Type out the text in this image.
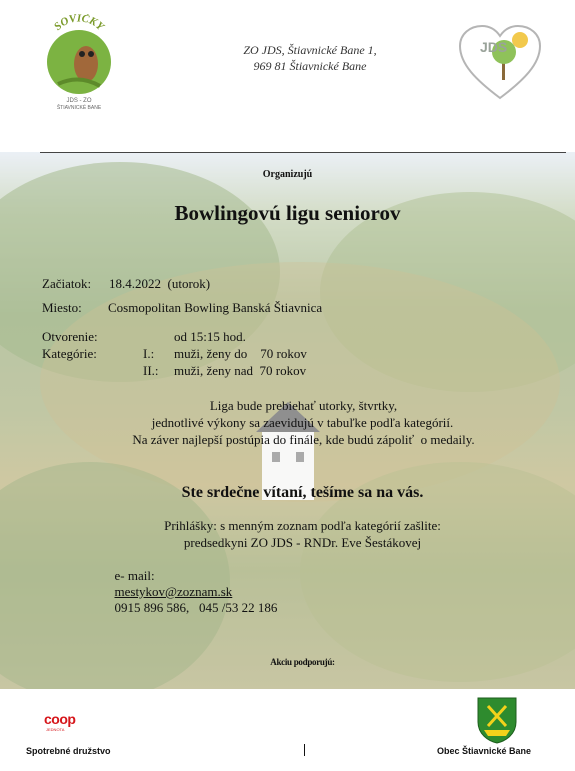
SOVIČKY
JDS - ZO
ŠTIAVNICKÉ BANE
ZO JDS, Štiavnické Bane 1,
969 81 Štiavnické Bane
JDS
Organizujú
Bowlingovú ligu seniorov
Začiatok: 18.4.2022  (utorok)
Miesto: Cosmopolitan Bowling Banská Štiavnica
Otvorenie:	od 15:15 hod.
Kategórie:	I.: muži, ženy do    70 rokov
II.: muži, ženy nad  70 rokov
Liga bude prebiehať utorky, štvrtky,
jednotlivé výkony sa zaevidujú v tabuľke podľa kategórií.
Na záver najlepší postúpia do finále, kde budú zápoliť  o medaily.
Ste srdečne vítaní, tešíme sa na vás.
Prihlášky: s menným zoznam podľa kategórií zašlite:
predsedkyni ZO JDS - RNDr. Eve Šestákovej

e- mail:
mestykov@zoznam.sk
0915 896 586,   045 /53 22 186

Akciu podporujú:
coop
JEDNOTA
Spotrebné družstvo	Obec Štiavnické Bane
